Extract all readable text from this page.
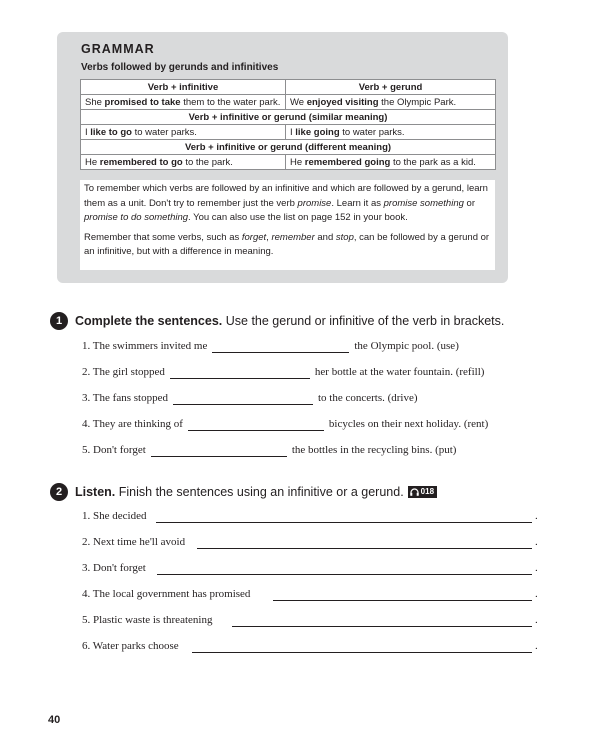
GRAMMAR
Verbs followed by gerunds and infinitives
Verb + infinitive	Verb + gerund
She promised to take them to the water park.	We enjoyed visiting the Olympic Park.
Verb + infinitive or gerund (similar meaning)	
I like to go to water parks.	I like going to water parks.
Verb + infinitive or gerund (different meaning)	
He remembered to go to the park.	He remembered going to the park as a kid.

To remember which verbs are followed by an infinitive and which are followed by a gerund, learn them as a unit. Don't try to remember just the verb promise. Learn it as promise something or promise to do something. You can also use the list on page 152 in your book.

Remember that some verbs, such as forget, remember and stop, can be followed by a gerund or an infinitive, but with a difference in meaning.

1	Complete the sentences. Use the gerund or infinitive of the verb in brackets.
1. The swimmers invited me	the Olympic pool. (use)
2. The girl stopped	her bottle at the water fountain. (refill)
3. The fans stopped	to the concerts. (drive)
4. They are thinking of	bicycles on their next holiday. (rent)
5. Don't forget	the bottles in the recycling bins. (put)
2	Listen. Finish the sentences using an infinitive or a gerund. 018
1. She decided	.
2. Next time he'll avoid	.
3. Don't forget	.
4. The local government has promised	.
5. Plastic waste is threatening	.
6. Water parks choose	.
40
